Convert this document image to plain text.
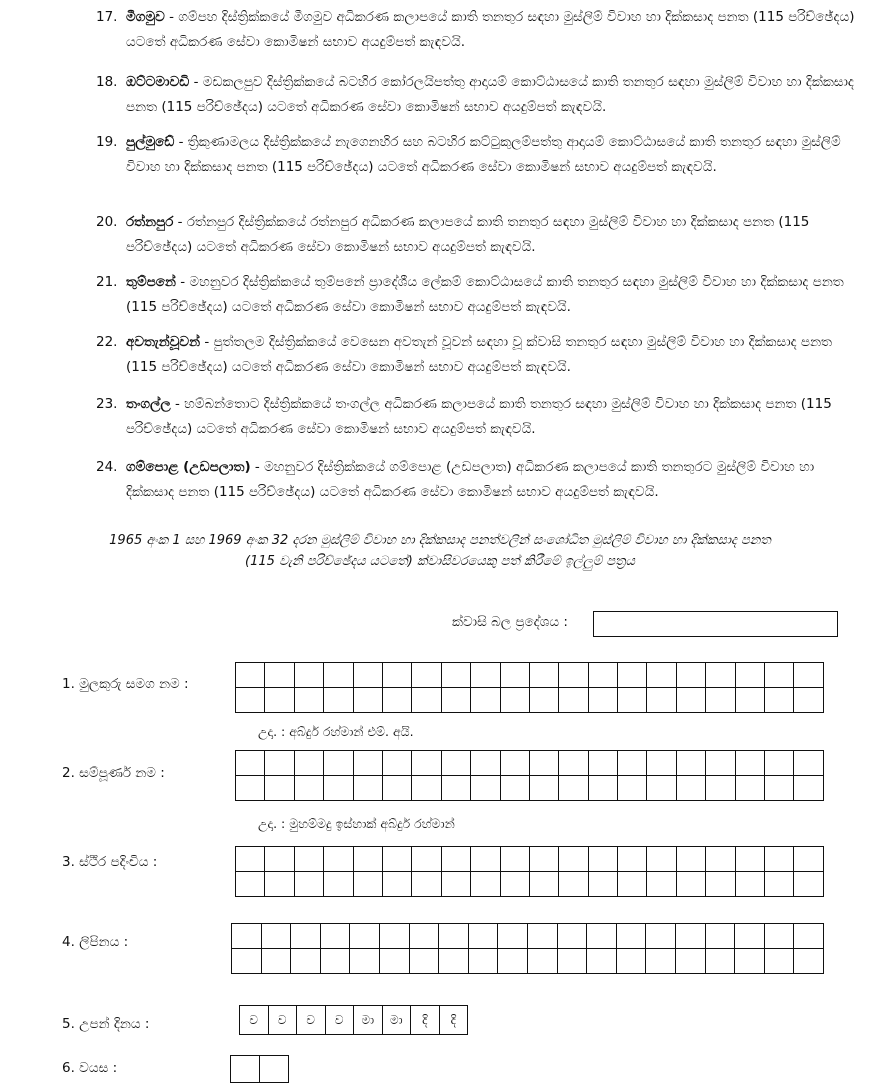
17. මීගමුව - ගම්පහ දිස්ත්‍රික්කයේ මීගමුව අධිකරණ කලාපයේ කාති තනතුර සඳහා මුස්ලිම් විවාහ හා දික්කසාද පනත (115 පරිච්ඡේදය) යටතේ අධිකරණ සේවා කොමිෂන් සභාව අයදුම්පත් කැඳවයි.
18. ඔට්ටමාවඩි - මඩකලපුව දිස්ත්‍රික්කයේ බටහිර කෝරලයිපත්තු ආදායම් කොට්ඨාසයේ කාති තනතුර සඳහා මුස්ලිම් විවාහ හා දික්කසාද පනත (115 පරිච්ඡේදය) යටතේ අධිකරණ සේවා කොමිෂන් සභාව අයදුම්පත් කැඳවයි.
19. පුල්මුඩේ - ත්‍රිකුණාමලය දිස්ත්‍රික්කයේ නැගෙනහිර සහ බටහිර කට්ටුකුලම්පත්තු ආදායම් කොට්ඨාසයේ කාති තනතුර සඳහා මුස්ලිම් විවාහ හා දික්කසාද පනත (115 පරිච්ඡේදය) යටතේ අධිකරණ සේවා කොමිෂන් සභාව අයදුම්පත් කැඳවයි.
20. රත්නපුර - රත්නපුර දිස්ත්‍රික්කයේ රත්නපුර අධිකරණ කලාපයේ කාති තනතුර සඳහා මුස්ලිම් විවාහ හා දික්කසාද පනත (115 පරිච්ඡේදය) යටතේ අධිකරණ සේවා කොමිෂන් සභාව අයදුම්පත් කැඳවයි.
21. තුම්පනේ - මහනුවර දිස්ත්‍රික්කයේ තුම්පනේ ප්‍රාදේශීය ලේකම් කොට්ඨාසයේ කාති තනතුර සඳහා මුස්ලිම් විවාහ හා දික්කසාද පනත (115 පරිච්ඡේදය) යටතේ අධිකරණ සේවා කොමිෂන් සභාව අයදුම්පත් කැඳවයි.
22. අවතැන්වූවන් - පුත්තලම දිස්ත්‍රික්කයේ වෙසෙන අවතැන් වූවන් සඳහා වූ ක්වාසි තනතුර සඳහා මුස්ලිම් විවාහ හා දික්කසාද පනත (115 පරිච්ඡේදය) යටතේ අධිකරණ සේවා කොමිෂන් සභාව අයදුම්පත් කැඳවයි.
23. තංගල්ල - හම්බන්තොට දිස්ත්‍රික්කයේ තංගල්ල අධිකරණ කලාපයේ කාති තනතුර සඳහා මුස්ලිම් විවාහ හා දික්කසාද පනත (115 පරිච්ඡේදය) යටතේ අධිකරණ සේවා කොමිෂන් සභාව අයදුම්පත් කැඳවයි.
24. ගම්පොළ (උඩපලාත) - මහනුවර දිස්ත්‍රික්කයේ ගම්පොළ (උඩපලාත) අධිකරණ කලාපයේ කාති තනතුරට මුස්ලිම් විවාහ හා දික්කසාද පනත (115 පරිච්ඡේදය) යටතේ අධිකරණ සේවා කොමිෂන් සභාව අයදුම්පත් කැඳවයි.
1965 අංක 1 සහ 1969 අංක 32 දරන මුස්ලිම් විවාහ හා දික්කසාද පනත්වලින් සංශෝධිත මුස්ලිම් විවාහ හා දික්කසාද පනත
(115 වැනි පරිච්ඡේදය යටතේ) ක්වාසිවරයෙකු පත් කිරීමේ ඉල්ලුම් පත්‍රය
ක්වාසි බල ප්‍රදේශය :
1. මුලකුරු සමග නම :

උදා. : අබ්දුර් රහ්මාන් එම්. අයි.
2. සම්පූර්ණ නම :

උදා. : මුහම්මදු ඉස්හාක් අබ්දුර් රහ්මාන්
3. ස්ථිර පදිංචිය :

4. ලිපිනය :

5. උපන් දිනය :	ව	ව	ව	ව	මා	මා	දි	දි
6. වයස :
